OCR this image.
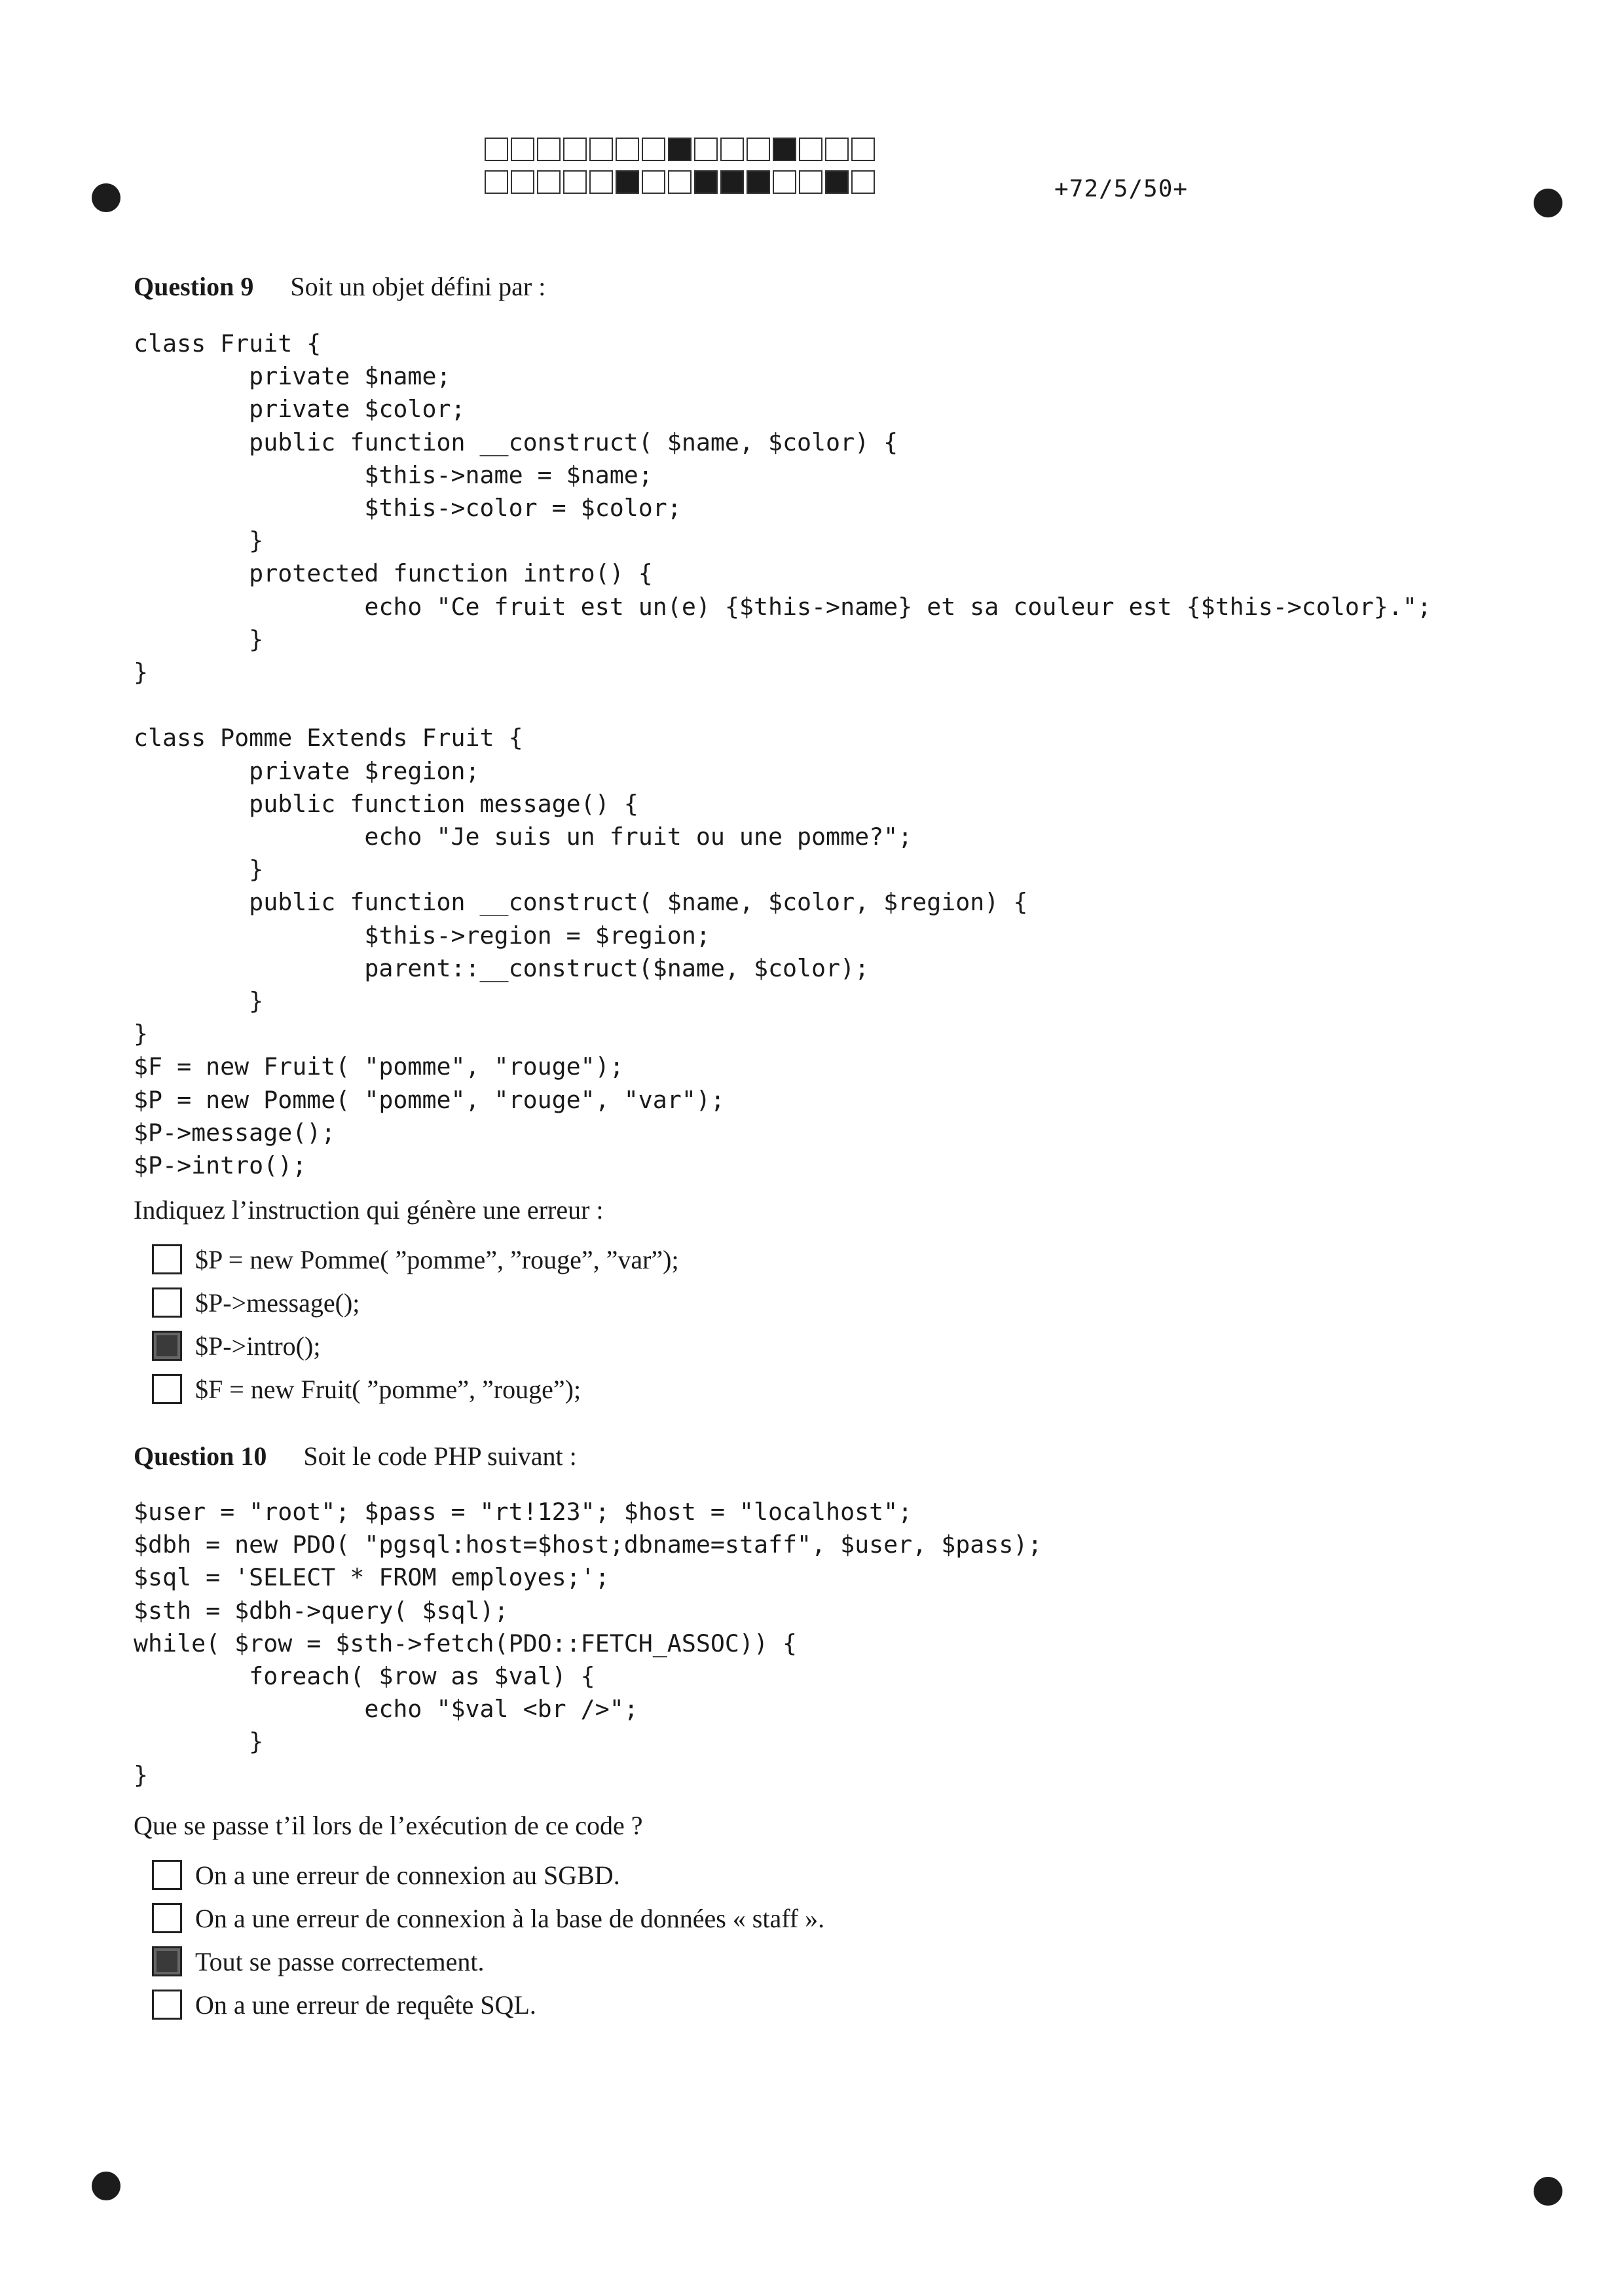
+72/5/50+
Question 9 Soit un objet défini par :
class Fruit {
private $name;
private $color;
public function __construct( $name, $color) {
$this->name = $name;
$this->color = $color;
}
protected function intro() {
echo "Ce fruit est un(e) {$this->name} et sa couleur est {$this->color}.";
}
}

class Pomme Extends Fruit {
private $region;
public function message() {
echo "Je suis un fruit ou une pomme?";
}
public function __construct( $name, $color, $region) {
$this->region = $region;
parent::__construct($name, $color);
}
}
$F = new Fruit( "pomme", "rouge");
$P = new Pomme( "pomme", "rouge", "var");
$P->message();
$P->intro();
Indiquez l’instruction qui génère une erreur :
$P = new Pomme( ”pomme”, ”rouge”, ”var”);
$P->message();
$P->intro();
$F = new Fruit( ”pomme”, ”rouge”);
Question 10 Soit le code PHP suivant :
$user = "root"; $pass = "rt!123"; $host = "localhost";
$dbh = new PDO( "pgsql:host=$host;dbname=staff", $user, $pass);
$sql = 'SELECT * FROM employes;';
$sth = $dbh->query( $sql);
while( $row = $sth->fetch(PDO::FETCH_ASSOC)) {
foreach( $row as $val) {
echo "$val <br />";
}
}
Que se passe t’il lors de l’exécution de ce code ?
On a une erreur de connexion au SGBD.
On a une erreur de connexion à la base de données « staff ».
Tout se passe correctement.
On a une erreur de requête SQL.
